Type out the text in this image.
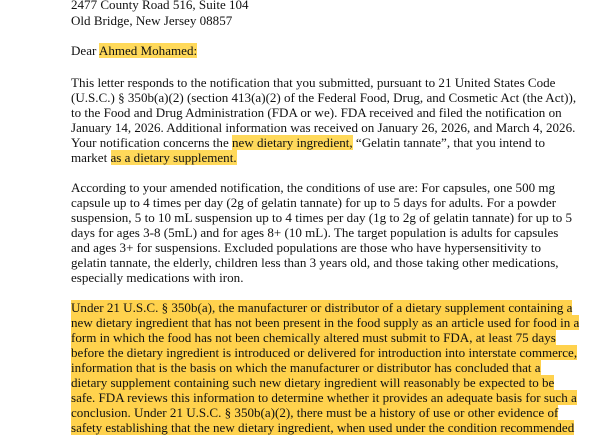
2477 County Road 516, Suite 104
Old Bridge, New Jersey 08857
Dear Ahmed Mohamed:
This letter responds to the notification that you submitted, pursuant to 21 United States Code
(U.S.C.) § 350b(a)(2) (section 413(a)(2) of the Federal Food, Drug, and Cosmetic Act (the Act)),
to the Food and Drug Administration (FDA or we). FDA received and filed the notification on
January 14, 2026. Additional information was received on January 26, 2026, and March 4, 2026.
Your notification concerns the new dietary ingredient, “Gelatin tannate”, that you intend to
market as a dietary supplement.
According to your amended notification, the conditions of use are: For capsules, one 500 mg
capsule up to 4 times per day (2g of gelatin tannate) for up to 5 days for adults. For a powder
suspension, 5 to 10 mL suspension up to 4 times per day (1g to 2g of gelatin tannate) for up to 5
days for ages 3-8 (5mL) and for ages 8+ (10 mL). The target population is adults for capsules
and ages 3+ for suspensions. Excluded populations are those who have hypersensitivity to
gelatin tannate, the elderly, children less than 3 years old, and those taking other medications,
especially medications with iron.
Under 21 U.S.C. § 350b(a), the manufacturer or distributor of a dietary supplement containing a
new dietary ingredient that has not been present in the food supply as an article used for food in a
form in which the food has not been chemically altered must submit to FDA, at least 75 days
before the dietary ingredient is introduced or delivered for introduction into interstate commerce,
information that is the basis on which the manufacturer or distributor has concluded that a
dietary supplement containing such new dietary ingredient will reasonably be expected to be
safe. FDA reviews this information to determine whether it provides an adequate basis for such a
conclusion. Under 21 U.S.C. § 350b(a)(2), there must be a history of use or other evidence of
safety establishing that the new dietary ingredient, when used under the condition recommended
